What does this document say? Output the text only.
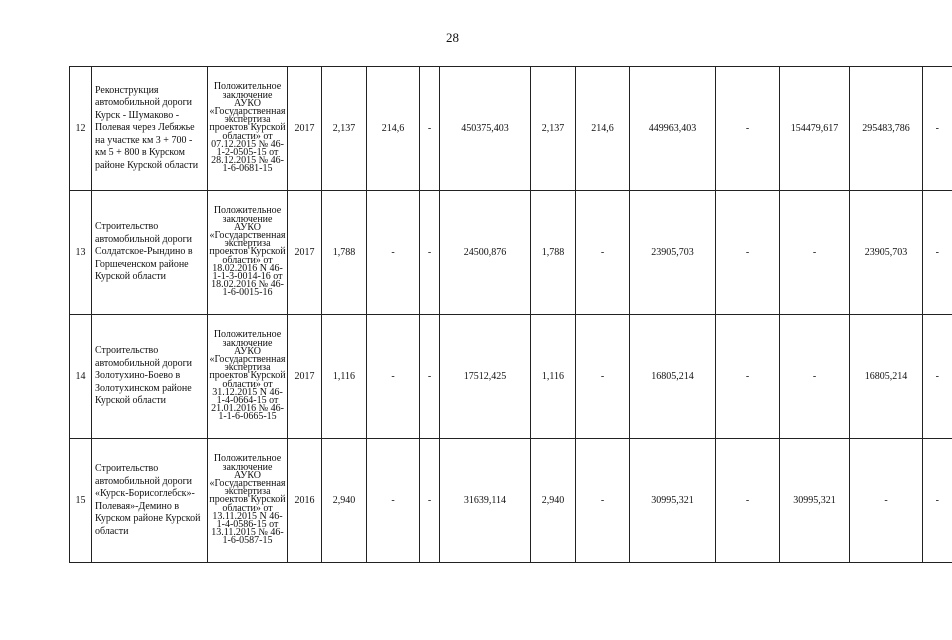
28
12	Реконструкция автомобильной дороги Курск - Шумаково - Полевая через Лебяжье на участке км 3 + 700 - км 5 + 800 в Курском районе Курской области	Положительное заключение АУКО «Государственная экспертиза проектов Курской области» от 07.12.2015 № 46-1-2-0505-15 от 28.12.2015 № 46-1-6-0681-15	2017	2,137	214,6	-	450375,403	2,137	214,6	449963,403	-	154479,617	295483,786	-
13	Строительство автомобильной дороги Солдатское-Рындино в Горшеченском районе Курской области	Положительное заключение АУКО «Государственная экспертиза проектов Курской области» от 18.02.2016 N 46-1-1-3-0014-16 от 18.02.2016 № 46-1-6-0015-16	2017	1,788	-	-	24500,876	1,788	-	23905,703	-	-	23905,703	-
14	Строительство автомобильной дороги Золотухино-Боево в Золотухинском районе Курской области	Положительное заключение АУКО «Государственная экспертиза проектов Курской области» от 31.12.2015 N 46-1-4-0664-15 от 21.01.2016 № 46-1-1-6-0665-15	2017	1,116	-	-	17512,425	1,116	-	16805,214	-	-	16805,214	-
15	Строительство автомобильной дороги «Курск-Борисоглебск»-Полевая»-Демино в Курском районе Курской области	Положительное заключение АУКО «Государственная экспертиза проектов Курской области» от 13.11.2015 N 46-1-4-0586-15 от 13.11.2015 № 46-1-6-0587-15	2016	2,940	-	-	31639,114	2,940	-	30995,321	-	30995,321	-	-
